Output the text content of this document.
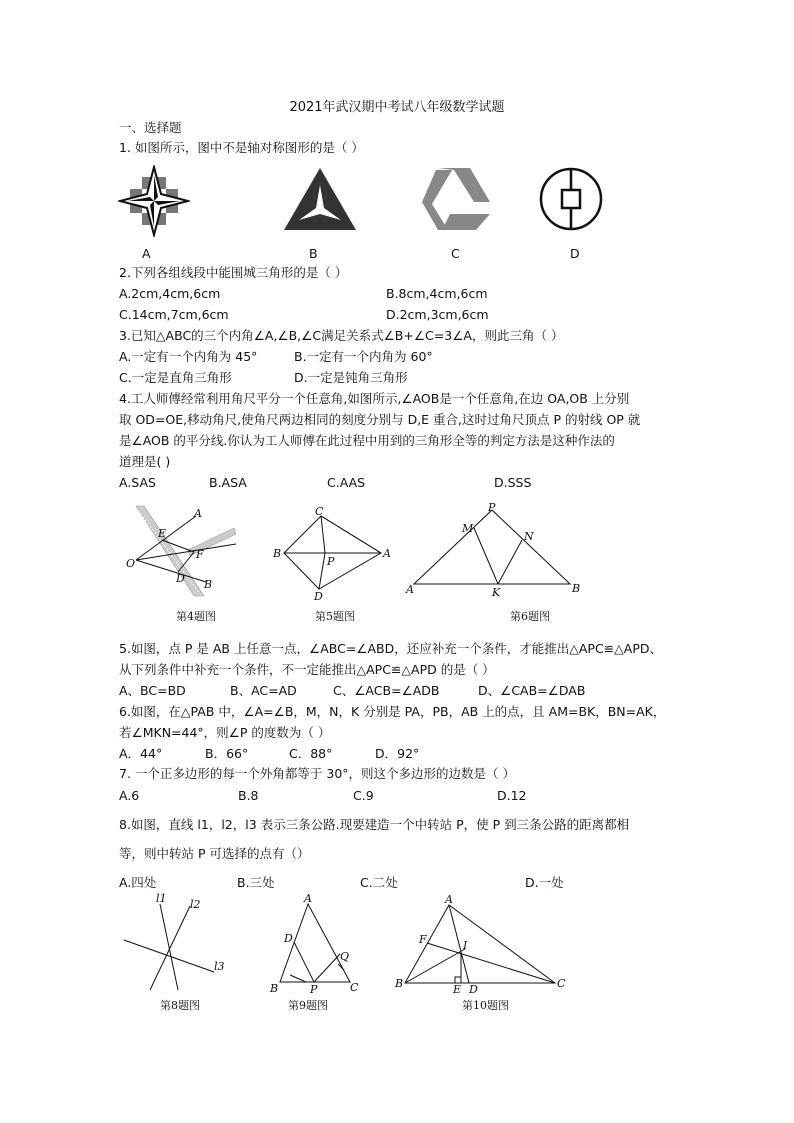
2021年武汉期中考试八年级数学试题
一、选择题
1. 如图所示，图中不是轴对称图形的是（ ）
A	B	C	D
2.下列各组线段中能围城三角形的是（ ）
A.2cm,4cm,6cm	B.8cm,4cm,6cm
C.14cm,7cm,6cm	D.2cm,3cm,6cm
3.已知△ABC的三个内角∠A,∠B,∠C满足关系式∠B+∠C=3∠A，则此三角（ ）
A.一定有一个内角为 45°	B.一定有一个内角为 60°
C.一定是直角三角形	D.一定是钝角三角形
4.工人师傅经常利用角尺平分一个任意角,如图所示,∠AOB是一个任意角,在边 OA,OB 上分别
取 OD=OE,移动角尺,使角尺两边相同的刻度分别与 D,E 重合,这时过角尺顶点 P 的射线 OP 就
是∠AOB 的平分线.你认为工人师傅在此过程中用到的三角形全等的判定方法是这种作法的
道理是( )
A.SAS	B.ASA	C.AAS	D.SSS
A
E
F
O
D B
第4题图
C
B	A
P
D
第5题图
P
M
N
A	K	B
第6题图
5.如图，点 P 是 AB 上任意一点，∠ABC=∠ABD，还应补充一个条件，才能推出△APC≌△APD、
从下列条件中补充一个条件，不一定能推出△APC≌△APD 的是（ ）
A、BC=BD	B、AC=AD	C、∠ACB=∠ADB	D、∠CAB=∠DAB
6.如图，在△PAB 中，∠A=∠B，M，N，K 分别是 PA，PB，AB 上的点，且 AM=BK，BN=AK，
若∠MKN=44°，则∠P 的度数为（ ）
A．44°	B．66°	C．88°	D．92°
7. 一个正多边形的每一个外角都等于 30°，则这个多边形的边数是（ ）
A.6	B.8	C.9	D.12
8.如图，直线 l1，l2，l3 表示三条公路.现要建造一个中转站 P，使 P 到三条公路的距离都相
等，则中转站 P 可选择的点有（）
A.四处	B.三处	C.二处	D.一处
l1 l2
l3
第8题图
A
D
Q
B	P	C
第9题图
A
F	I
B	E D	C
第10题图
